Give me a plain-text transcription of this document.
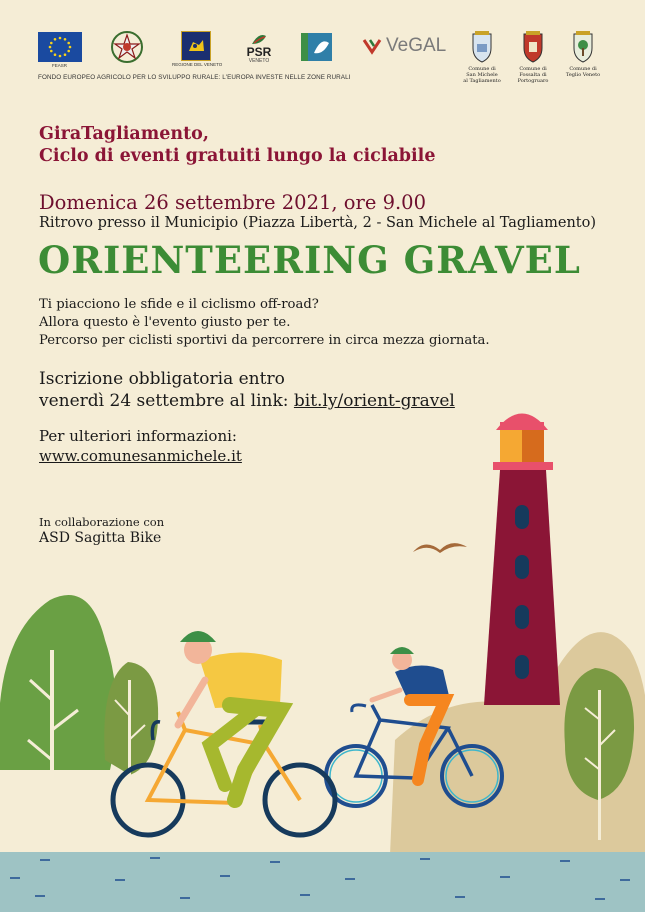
FEASR	REGIONE DEL VENETO
PSR
VENETO
VeGAL
FONDO EUROPEO AGRICOLO PER LO SVILUPPO RURALE: L'EUROPA INVESTE NELLE ZONE RURALI
Comune di
San Michele
al Tagliamento
Comune di
Fossalta di
Portogruaro
Comune di
Teglio Veneto
GiraTagliamento,
Ciclo di eventi gratuiti lungo la ciclabile
Domenica 26 settembre 2021, ore 9.00
Ritrovo presso il Municipio (Piazza Libertà, 2 - San Michele al Tagliamento)
ORIENTEERING GRAVEL
Ti piacciono le sfide e il ciclismo off-road?
Allora questo è l'evento giusto per te.
Percorso per ciclisti sportivi da percorrere in circa mezza giornata.
Iscrizione obbligatoria entro
venerdì 24 settembre al link: bit.ly/orient-gravel
Per ulteriori informazioni:
www.comunesanmichele.it
In collaborazione con
ASD Sagitta Bike
